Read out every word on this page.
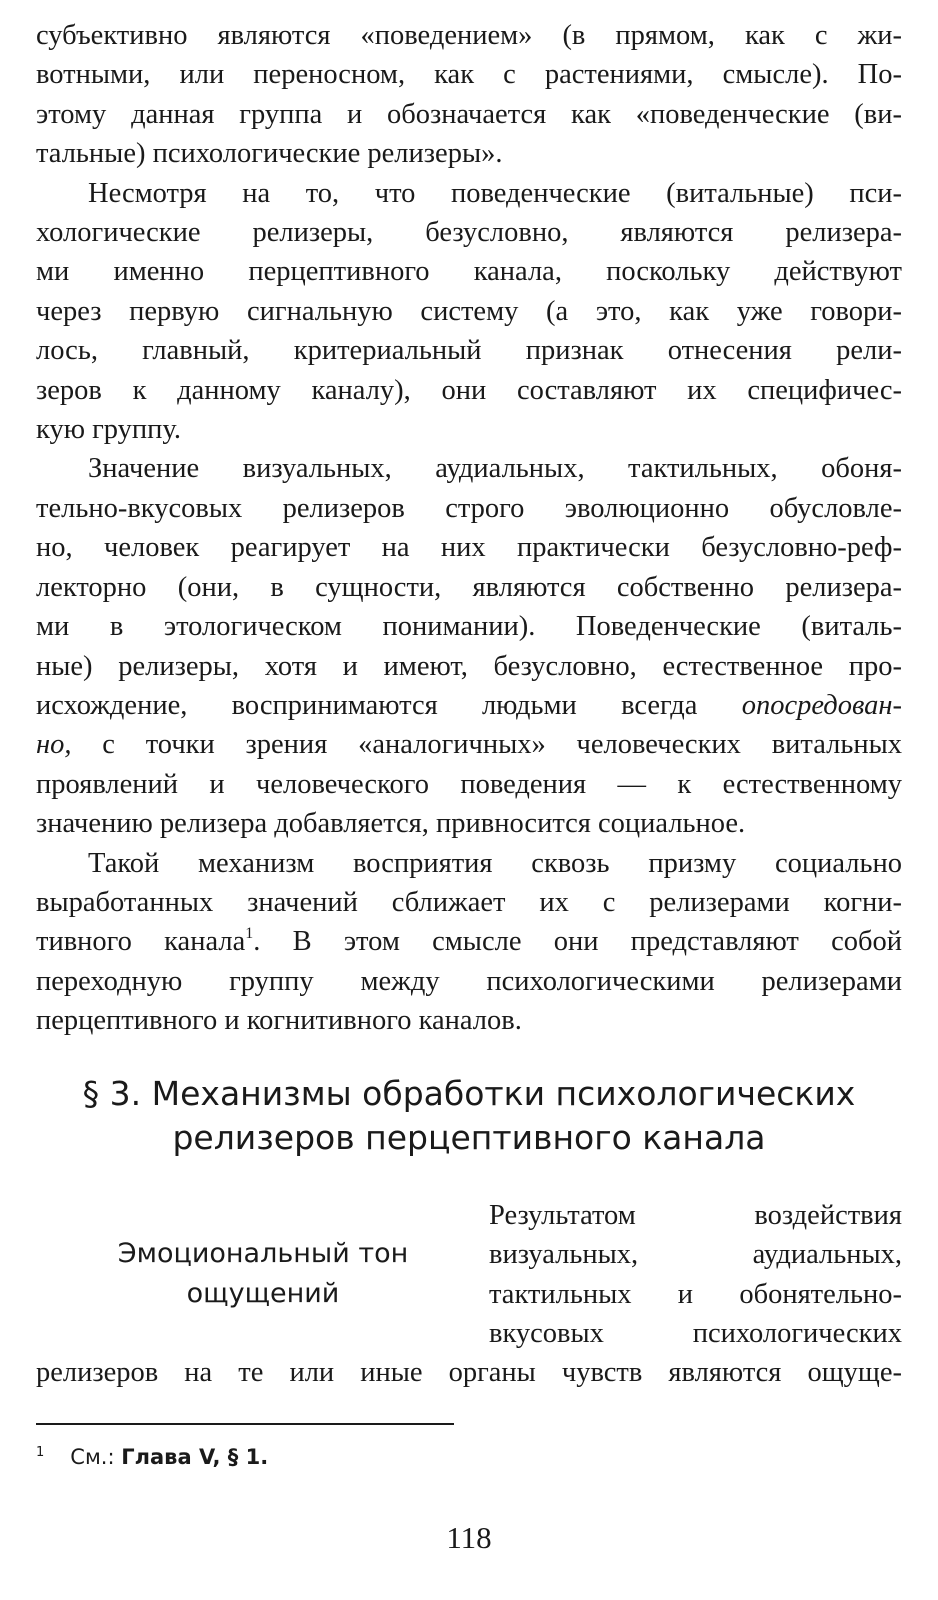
субъективно являются «поведением» (в прямом, как с жи-
вотными, или переносном, как с растениями, смысле). По-
этому данная группа и обозначается как «поведенческие (ви-
тальные) психологические релизеры».

Несмотря на то, что поведенческие (витальные) пси-
хологические релизеры, безусловно, являются релизера-
ми именно перцептивного канала, поскольку действуют
через первую сигнальную систему (а это, как уже говори-
лось, главный, критериальный признак отнесения рели-
зеров к данному каналу), они составляют их специфичес-
кую группу.

Значение визуальных, аудиальных, тактильных, обоня-
тельно-вкусовых релизеров строго эволюционно обусловле-
но, человек реагирует на них практически безусловно-реф-
лекторно (они, в сущности, являются собственно релизера-
ми в этологическом понимании). Поведенческие (виталь-
ные) релизеры, хотя и имеют, безусловно, естественное про-
исхождение, воспринимаются людьми всегда опосредован-
но, с точки зрения «аналогичных» человеческих витальных
проявлений и человеческого поведения — к естественному
значению релизера добавляется, привносится социальное.

Такой механизм восприятия сквозь призму социально
выработанных значений сближает их с релизерами когни-
тивного канала$^1$. В этом смысле они представляют собой
переходную группу между психологическими релизерами
перцептивного и когнитивного каналов.

§ 3. Механизмы обработки психологических
релизеров перцептивного канала
Эмоциональный тон
ощущений
Результатом воздействия
визуальных, аудиальных,
тактильных и обонятельно-
вкусовых психологических
релизеров на те или иные органы чувств являются ощуще-
$^1$ См.: Глава V, § 1.
118
